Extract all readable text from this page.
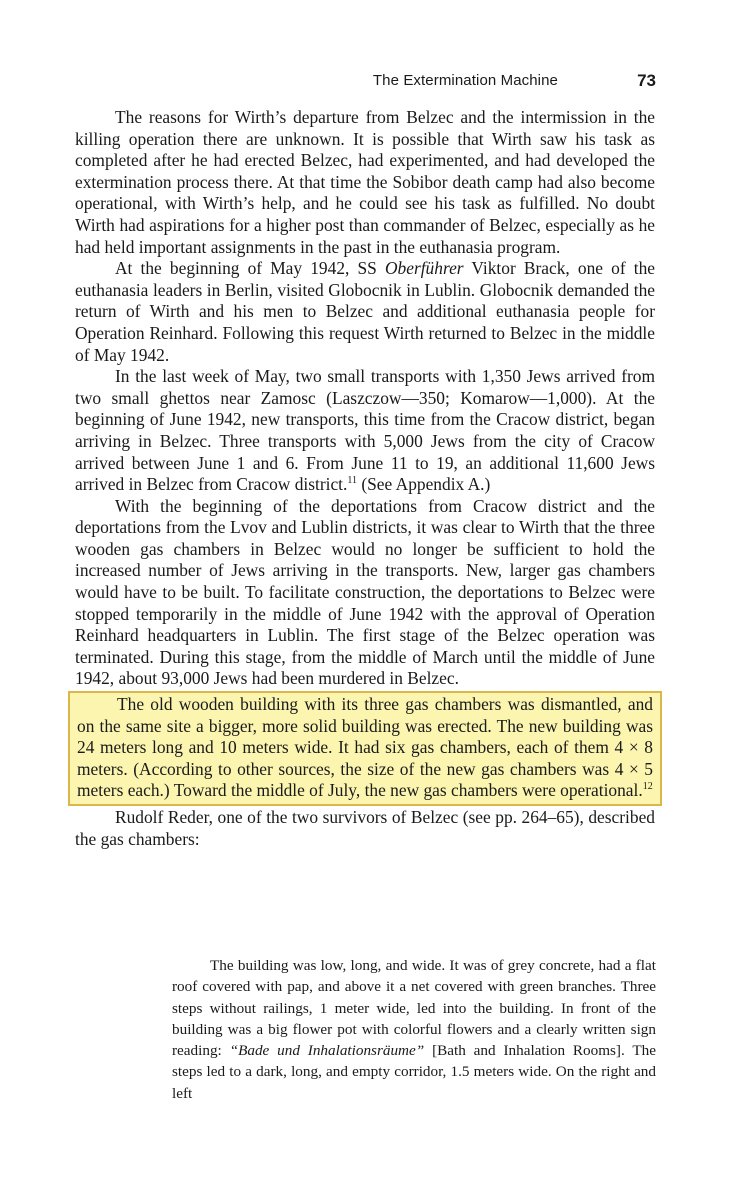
The Extermination Machine	73

The reasons for Wirth’s departure from Belzec and the intermission in the killing operation there are unknown. It is possible that Wirth saw his task as completed after he had erected Belzec, had experimented, and had developed the extermination process there. At that time the Sobibor death camp had also become operational, with Wirth’s help, and he could see his task as fulfilled. No doubt Wirth had aspirations for a higher post than commander of Belzec, especially as he had held important assignments in the past in the euthanasia program.

At the beginning of May 1942, SS Oberführer Viktor Brack, one of the euthanasia leaders in Berlin, visited Globocnik in Lublin. Globocnik demanded the return of Wirth and his men to Belzec and additional euthanasia people for Operation Reinhard. Following this request Wirth returned to Belzec in the middle of May 1942.

In the last week of May, two small transports with 1,350 Jews arrived from two small ghettos near Zamosc (Laszczow—350; Komarow—1,000). At the beginning of June 1942, new transports, this time from the Cracow district, began arriving in Belzec. Three transports with 5,000 Jews from the city of Cracow arrived between June 1 and 6. From June 11 to 19, an additional 11,600 Jews arrived in Belzec from Cracow district.$^{11}$ (See Appendix A.)

With the beginning of the deportations from Cracow district and the deportations from the Lvov and Lublin districts, it was clear to Wirth that the three wooden gas chambers in Belzec would no longer be sufficient to hold the increased number of Jews arriving in the transports. New, larger gas chambers would have to be built. To facilitate construction, the deportations to Belzec were stopped temporarily in the middle of June 1942 with the approval of Operation Reinhard headquarters in Lublin. The first stage of the Belzec operation was terminated. During this stage, from the middle of March until the middle of June 1942, about 93,000 Jews had been murdered in Belzec.

The old wooden building with its three gas chambers was dismantled, and on the same site a bigger, more solid building was erected. The new building was 24 meters long and 10 meters wide. It had six gas chambers, each of them 4 × 8 meters. (According to other sources, the size of the new gas chambers was 4 × 5 meters each.) Toward the middle of July, the new gas chambers were operational.$^{12}$

Rudolf Reder, one of the two survivors of Belzec (see pp. 264–65), described the gas chambers:

The building was low, long, and wide. It was of grey concrete, had a flat roof covered with pap, and above it a net covered with green branches. Three steps without railings, 1 meter wide, led into the building. In front of the building was a big flower pot with colorful flowers and a clearly written sign reading: “Bade und Inhalationsräume” [Bath and Inhalation Rooms]. The steps led to a dark, long, and empty corridor, 1.5 meters wide. On the right and left
